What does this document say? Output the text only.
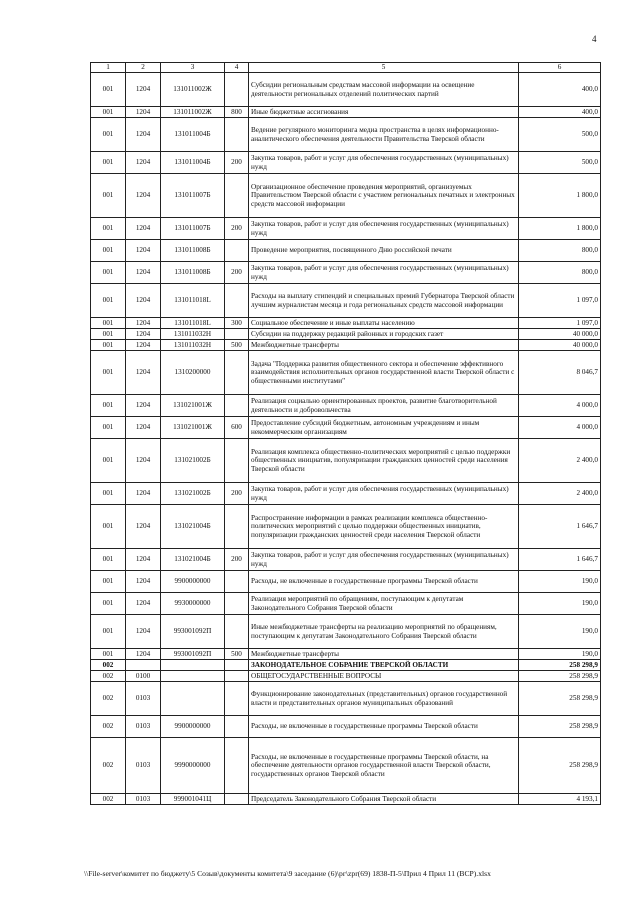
4
1	2	3	4	5	6
001	1204	131011002Ж		Субсидии региональным средствам массовой информации на освещение деятельности региональных отделений политических партий	400,0
001	1204	131011002Ж	800	Иные бюджетные ассигнования	400,0
001	1204	131011004Б		Ведение регулярного мониторинга медиа пространства в целях информационно-аналитического обеспечения деятельности Правительства Тверской области	500,0
001	1204	131011004Б	200	Закупка товаров, работ и услуг для обеспечения государственных (муниципальных) нужд	500,0
001	1204	131011007Б		Организационное обеспечение проведения мероприятий, организуемых Правительством Тверской области с участием региональных печатных и электронных средств массовой информации	1 800,0
001	1204	131011007Б	200	Закупка товаров, работ и услуг для обеспечения государственных (муниципальных) нужд	1 800,0
001	1204	131011008Б		Проведение мероприятия, посвященного Дню российской печати	800,0
001	1204	131011008Б	200	Закупка товаров, работ и услуг для обеспечения государственных (муниципальных) нужд	800,0
001	1204	131011018L		Расходы на выплату стипендий и специальных премий Губернатора Тверской области лучшим журналистам месяца и года региональных средств массовой информации	1 097,0
001	1204	131011018L	300	Социальное обеспечение и иные выплаты населению	1 097,0
001	1204	131011032Н		Субсидии на поддержку редакций районных и городских газет	40 000,0
001	1204	131011032Н	500	Межбюджетные трансферты	40 000,0
001	1204	1310200000		Задача "Поддержка развития общественного сектора и обеспечение эффективного взаимодействия исполнительных органов государственной власти Тверской области с общественными институтами"	8 046,7
001	1204	131021001Ж		Реализация социально ориентированных проектов, развитие благотворительной деятельности и добровольчества	4 000,0
001	1204	131021001Ж	600	Предоставление субсидий бюджетным, автономным учреждениям и иным некоммерческим организациям	4 000,0
001	1204	131021002Б		Реализация комплекса общественно-политических мероприятий с целью поддержки общественных инициатив, популяризации гражданских ценностей среди населения Тверской области	2 400,0
001	1204	131021002Б	200	Закупка товаров, работ и услуг для обеспечения государственных (муниципальных) нужд	2 400,0
001	1204	131021004Б		Распространение информации в рамках реализации комплекса общественно-политических мероприятий с целью поддержки общественных инициатив, популяризации гражданских ценностей среди населения Тверской области	1 646,7
001	1204	131021004Б	200	Закупка товаров, работ и услуг для обеспечения государственных (муниципальных) нужд	1 646,7
001	1204	9900000000		Расходы, не включенные в государственные программы Тверской области	190,0
001	1204	9930000000		Реализация мероприятий по обращениям, поступающим к депутатам Законодательного Собрания Тверской области	190,0
001	1204	993001092П		Иные межбюджетные трансферты на реализацию мероприятий по обращениям, поступающим к депутатам Законодательного Собрания Тверской области	190,0
001	1204	993001092П	500	Межбюджетные трансферты	190,0
002				ЗАКОНОДАТЕЛЬНОЕ СОБРАНИЕ ТВЕРСКОЙ ОБЛАСТИ	258 298,9
002	0100			ОБЩЕГОСУДАРСТВЕННЫЕ ВОПРОСЫ	258 298,9
002	0103			Функционирование законодательных (представительных) органов государственной власти и представительных органов муниципальных образований	258 298,9
002	0103	9900000000		Расходы, не включенные в государственные программы Тверской области	258 298,9
002	0103	9990000000		Расходы, не включенные в государственные программы Тверской области, на обеспечение деятельности органов государственной власти Тверской области, государственных органов Тверской области	258 298,9
002	0103	999001041Ц		Председатель Законодательного Собрания Тверской области	4 193,1
\\File-server\комитет по бюджету\5 Созыв\документы комитета\9 заседание (6)\рг\zpr(69) 1838-П-5\Прил 4 Прил 11 (ВСР).xlsx
